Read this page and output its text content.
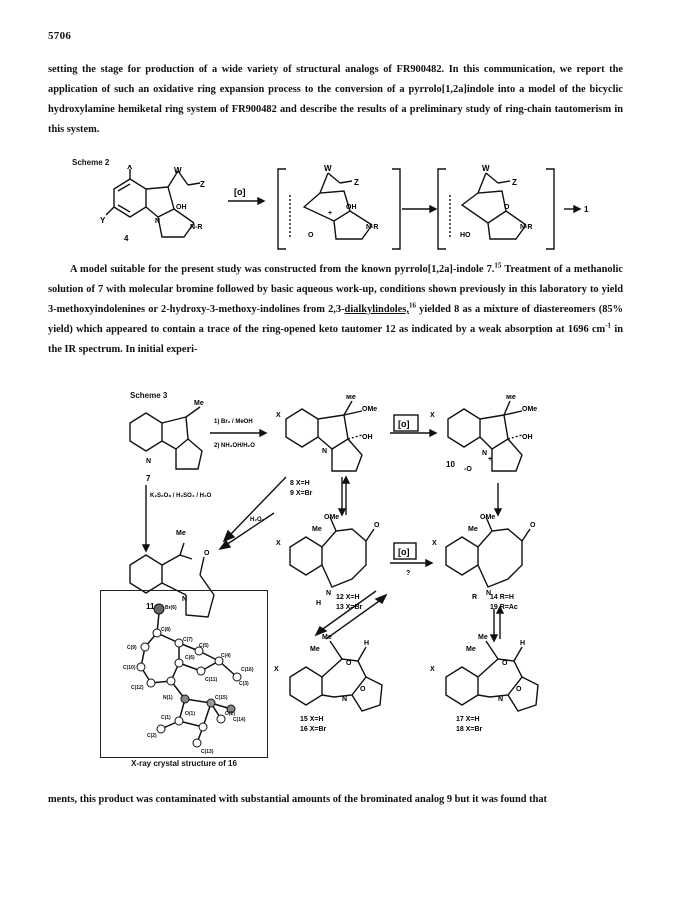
5706

setting the stage for production of a wide variety of structural analogs of FR900482. In this communication, we report the application of such an oxidative ring expansion process to the conversion of a pyrrolo[1,2a]indole into a model of the bicyclic hydroxylamine hemiketal ring system of FR900482 and describe the results of a preliminary study of ring-chain tautomerism in this system.

Scheme 2 X
Y
W
Z
OH
N
N-R
4
[o]
W
Z
OH
+
O
N-R
W
Z
O
HO
N-R
1

A model suitable for the present study was constructed from the known pyrrolo[1,2a]-indole 7.15 Treatment of a methanolic solution of 7 with molecular bromine followed by basic aqueous work-up, conditions shown previously in this laboratory to yield 3-methoxyindolenines or 2-hydroxy-3-methoxy-indolines from 2,3-dialkylindoles,$^{16}$ yielded 8 as a mixture of diastereomers (85% yield) which appeared to contain a trace of the ring-opened keto tautomer 12 as indicated by a weak absorption at 1696 $cm^{-1}$ in the IR spectrum. In initial experi-

Scheme 3
N
Me
7
1) Br₂ / MeOH
2) NH₄OH/H₂O
X
Me
OMe
OH
N
8 X=H
9 X=Br
[o]
X
Me
OMe
OH
N
+
-O
10
K₂S₂O₈ / H₂SO₄ / H₂O
H₂O₂
Me
O
N
11
OMe
Me
O
X
N
H
12 X=H
13 X=Br
[o]
?
X
OMe
Me
O
N
R 14 R=H
19 R=Ac
Me
Me
H
O
X
N
O
15 X=H
16 X=Br
Me
Me
H
O
X
N
O
17 X=H
18 X=Br
Br(6)
C(8)
C(7)
C(9)
C(10)
C(6)
C(5)
C(4)
N(1)	C(15)
C(14)
C(3)
C(2)
C(1)
O(1)	O(2)
C(13)
C(12)
C(11)
C(16)
X-ray crystal structure of 16

ments, this product was contaminated with substantial amounts of the brominated analog 9 but it was found that
